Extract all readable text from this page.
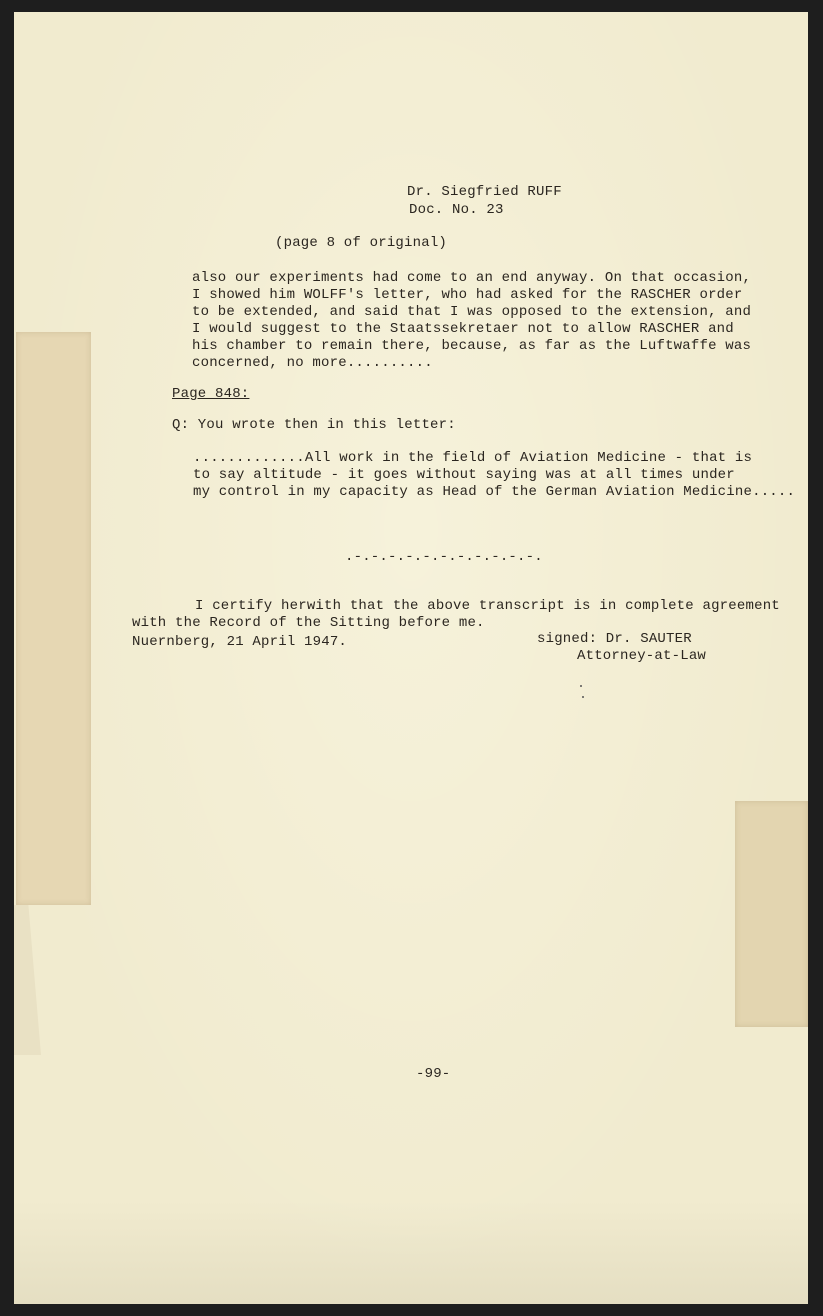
Dr. Siegfried RUFF
Doc. No. 23
(page 8 of original)
also our experiments had come to an end anyway. On that occasion,
I showed him WOLFF's letter, who had asked for the RASCHER order
to be extended, and said that I was opposed to the extension, and
I would suggest to the Staatssekretaer not to allow RASCHER and
his chamber to remain there, because, as far as the Luftwaffe was
concerned, no more..........
Page 848:
Q: You wrote then in this letter:
.............All work in the field of Aviation Medicine - that is
to say altitude - it goes without saying was at all times under
my control in my capacity as Head of the German Aviation Medicine.....
.-.-.-.-.-.-.-.-.-.-.-.
I certify herwith that the above transcript is in complete agreement
with the Record of the Sitting before me.
Nuernberg, 21 April 1947.	signed: Dr. SAUTER
Attorney-at-Law
-99-
